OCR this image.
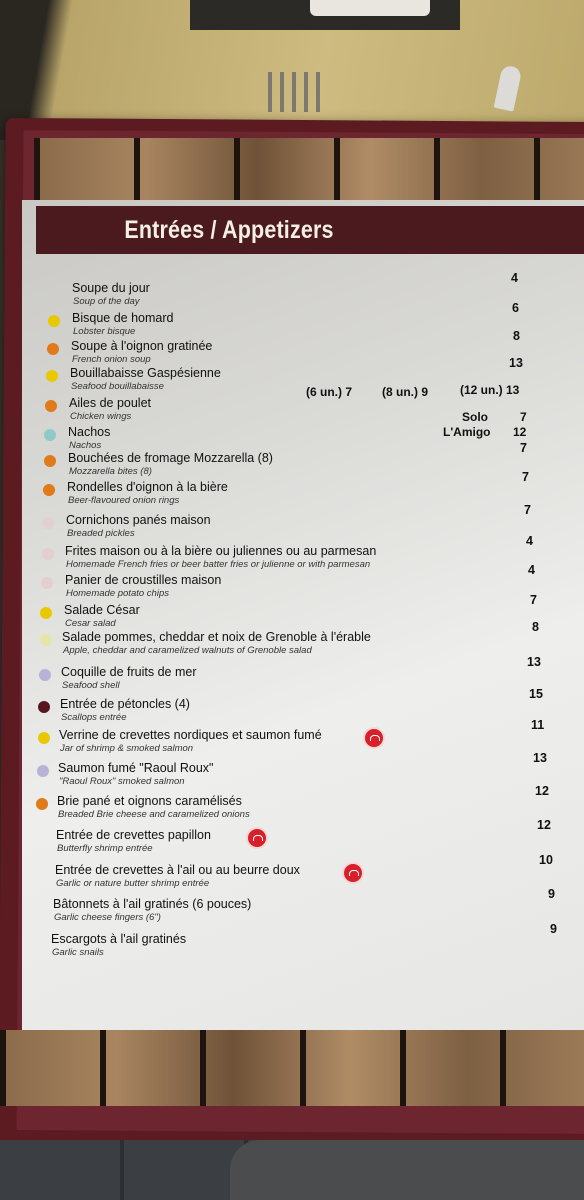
Entrées / Appetizers
Soupe du jour
Soup of the day
4
Bisque de homard
Lobster bisque
6
Soupe à l'oignon gratinée
French onion soup
8
Bouillabaisse Gaspésienne
Seafood bouillabaisse
13
Ailes de poulet
Chicken wings
(6 un.) 7 (8 un.) 9	(12 un.) 13
Nachos
Nachos
Solo	7
L'Amigo 12
Bouchées de fromage Mozzarella (8)
Mozzarella bites (8)
7
Rondelles d'oignon à la bière
Beer-flavoured onion rings
7
Cornichons panés maison
Breaded pickles
7
Frites maison ou à la bière ou juliennes ou au parmesan
Homemade French fries or beer batter fries or julienne or with parmesan
4
Panier de croustilles maison
Homemade potato chips
4
Salade César
Cesar salad
7
Salade pommes, cheddar et noix de Grenoble à l'érable
Apple, cheddar and caramelized walnuts of Grenoble salad
8
Coquille de fruits de mer
Seafood shell
13
Entrée de pétoncles (4)
Scallops entrée
15
Verrine de crevettes nordiques et saumon fumé
Jar of shrimp & smoked salmon
11
Saumon fumé "Raoul Roux"
"Raoul Roux" smoked salmon
13
Brie pané et oignons caramélisés
Breaded Brie cheese and caramelized onions
12
Entrée de crevettes papillon
Butterfly shrimp entrée
12
Entrée de crevettes à l'ail ou au beurre doux
Garlic or nature butter shrimp entrée
10
Bâtonnets à l'ail gratinés (6 pouces)
Garlic cheese fingers (6")
9
Escargots à l'ail gratinés
Garlic snails
9
